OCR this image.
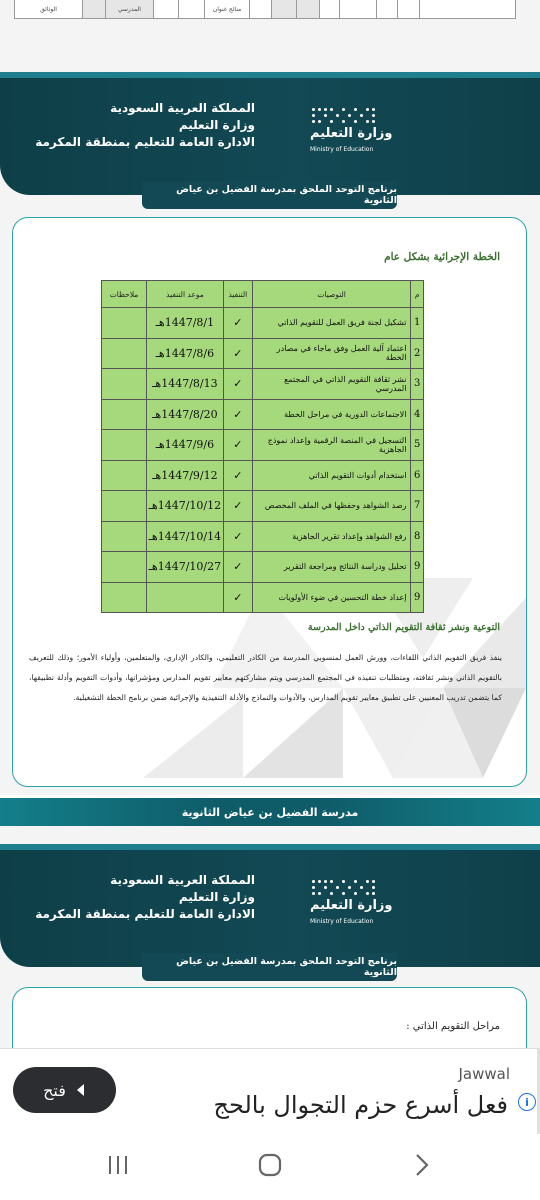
منائج غنوان
المدرسي
الوثائق
المملكة العربية السعودية
وزارة التعليم
الادارة العامة للتعليم بمنطقة المكرمة
وزارة التعليم
Ministry of Education
برنامج التوحد الملحق بمدرسة الفضيل بن عياض الثانوية
الخطة الإجرائية بشكل عام
م	التوصيات	التنفيذ	موعد التنفيذ	ملاحظات
1	تشكيل لجنة فريق العمل للتقويم الذاتي	✓	1447/8/1هـ	
2	اعتماد آلية العمل وفق ماجاء في مصادر الخطة	✓	1447/8/6هـ	
3	نشر ثقافة التقويم الذاتي في المجتمع المدرسي	✓	1447/8/13هـ	
4	الاجتماعات الدورية في مراحل الخطة	✓	1447/8/20هـ	
5	التسجيل في المنصة الرقمية وإعداد نموذج الجاهزية	✓	1447/9/6هـ	
6	استخدام أدوات التقويم الذاتي	✓	1447/9/12هـ	
7	رصد الشواهد وحفظها في الملف المخصص	✓	1447/10/12هـ	
8	رفع الشواهد وإعداد تقرير الجاهزية	✓	1447/10/14هـ	
9	تحليل ودراسة النتائج ومراجعة التقرير	✓	1447/10/27هـ	
9	إعداد خطة التحسين في ضوء الأولويات	✓		
التوعية ونشر ثقافة التقويم الذاتي داخل المدرسة
ينفذ فريق التقويم الذاتي اللقاءات، وورش العمل لمنسوبي المدرسة من الكادر التعليمي، والكادر الإداري، والمتعلمين، وأولياء الأمور؛ وذلك للتعريف بالتقويم الذاتي ونشر ثقافته، ومتطلبات تنفيذه في المجتمع المدرسي ويتم مشاركتهم معايير تقويم المدارس ومؤشراتها، وأدوات التقويم وأدلة تطبيقها، كما يتضمن تدريب المعنيين على تطبيق معايير تقويم المدارس، والأدوات والنماذج والأدلة التنفيذية والإجرائية ضمن برنامج الخطة التشغيلية.
مدرسة الفضيل بن عياض الثانوية
المملكة العربية السعودية
وزارة التعليم
الادارة العامة للتعليم بمنطقة المكرمة
وزارة التعليم
Ministry of Education
برنامج التوحد الملحق بمدرسة الفضيل بن عياض الثانوية
مراحل التقويم الذاتي :
Jawwal
فعل أسرع حزم التجوال بالحج	i
فتح
